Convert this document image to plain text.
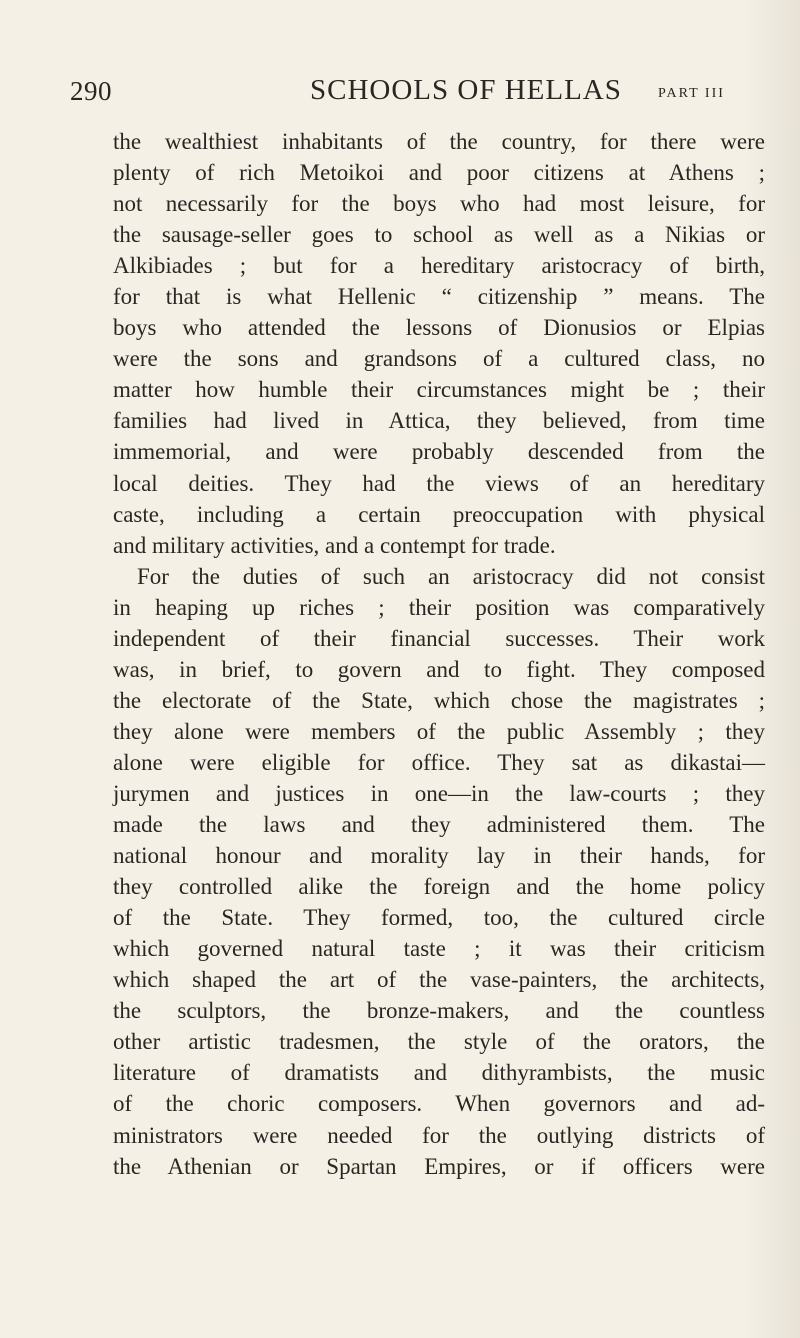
290	SCHOOLS OF HELLAS	PART III
the wealthiest inhabitants of the country, for there were
plenty of rich Metoikoi and poor citizens at Athens ;
not necessarily for the boys who had most leisure, for
the sausage-seller goes to school as well as a Nikias or
Alkibiades ; but for a hereditary aristocracy of birth,
for that is what Hellenic “ citizenship ” means. The
boys who attended the lessons of Dionusios or Elpias
were the sons and grandsons of a cultured class, no
matter how humble their circumstances might be ; their
families had lived in Attica, they believed, from time
immemorial, and were probably descended from the
local deities. They had the views of an hereditary
caste, including a certain preoccupation with physical
and military activities, and a contempt for trade.
For the duties of such an aristocracy did not consist
in heaping up riches ; their position was comparatively
independent of their financial successes. Their work
was, in brief, to govern and to fight. They composed
the electorate of the State, which chose the magistrates ;
they alone were members of the public Assembly ; they
alone were eligible for office. They sat as dikastai—
jurymen and justices in one—in the law-courts ; they
made the laws and they administered them. The
national honour and morality lay in their hands, for
they controlled alike the foreign and the home policy
of the State. They formed, too, the cultured circle
which governed natural taste ; it was their criticism
which shaped the art of the vase-painters, the architects,
the sculptors, the bronze-makers, and the countless
other artistic tradesmen, the style of the orators, the
literature of dramatists and dithyrambists, the music
of the choric composers. When governors and ad-
ministrators were needed for the outlying districts of
the Athenian or Spartan Empires, or if officers were
